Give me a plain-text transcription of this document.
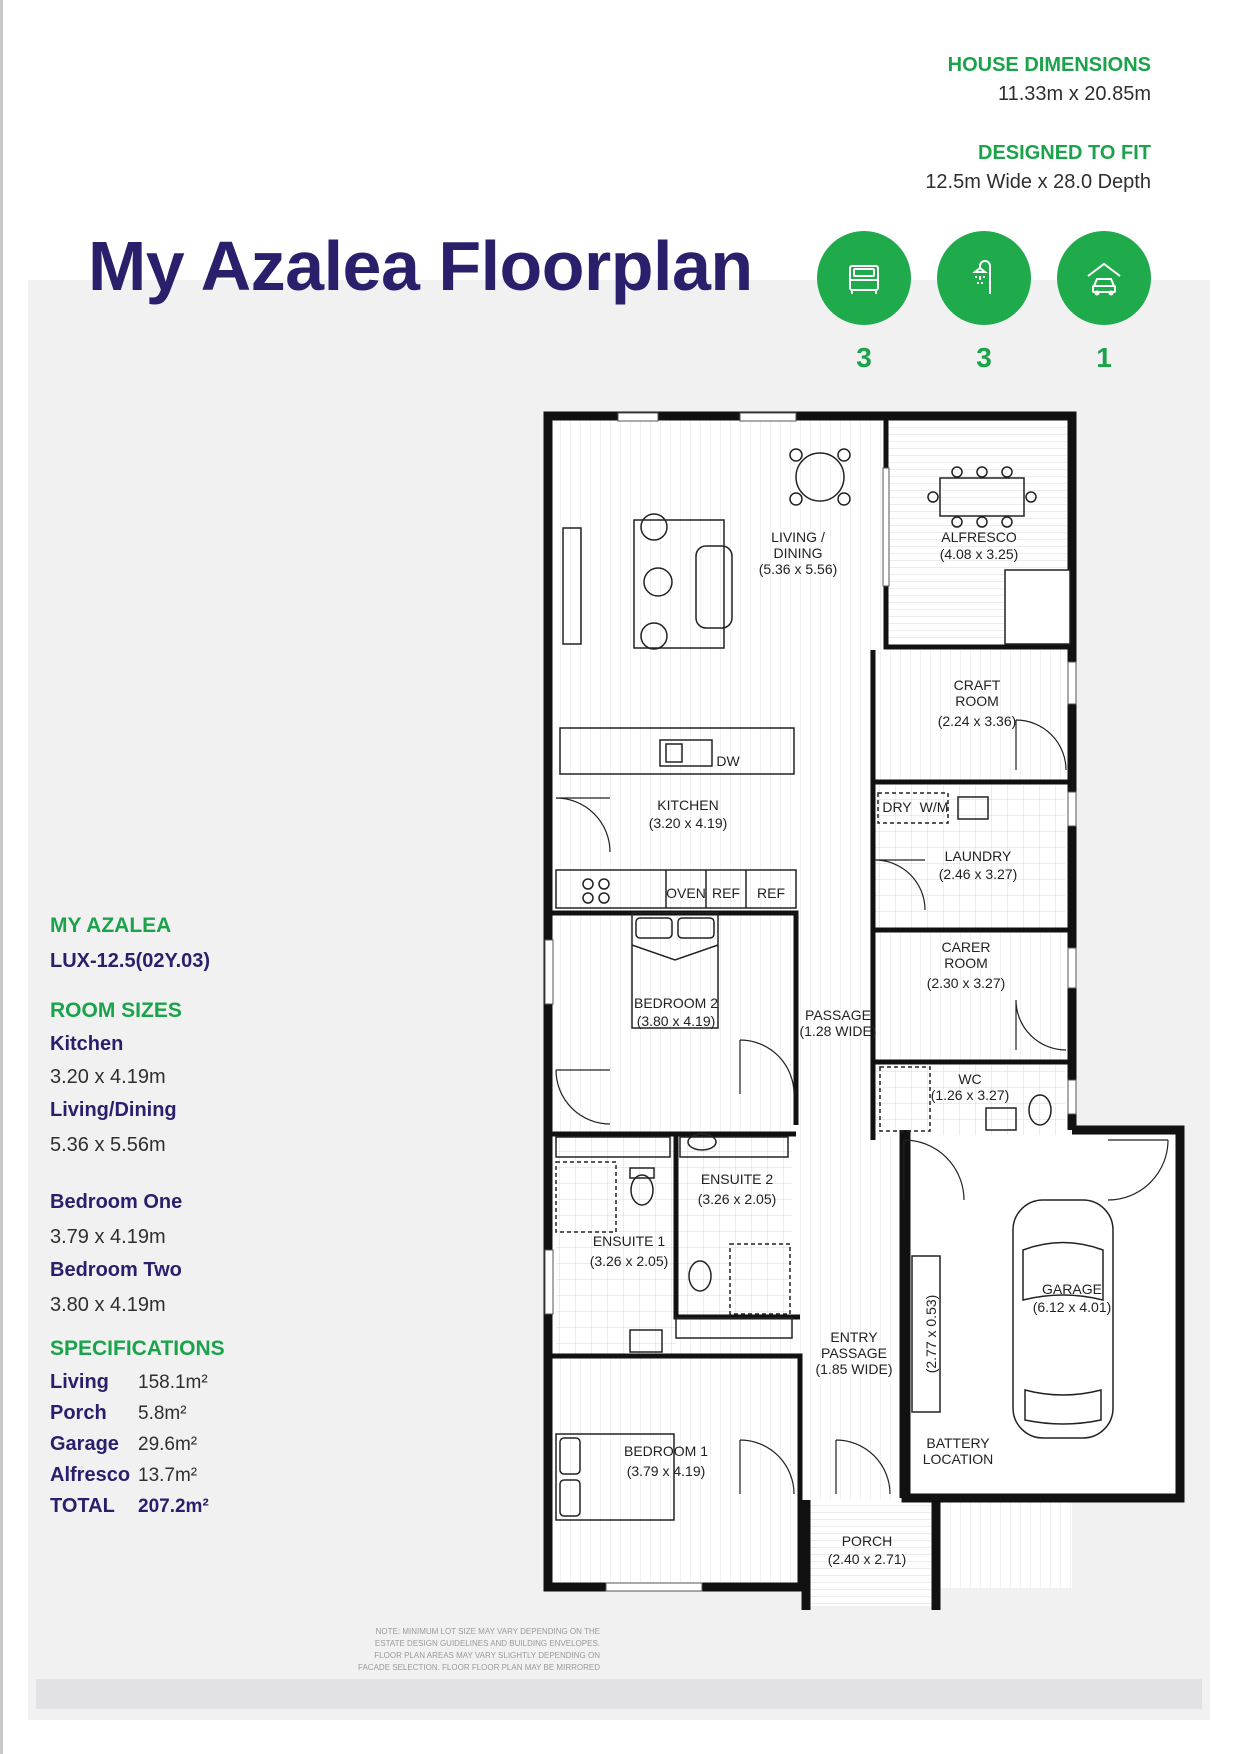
HOUSE DIMENSIONS
11.33m x 20.85m
DESIGNED TO FIT
12.5m Wide x 28.0 Depth
My Azalea Floorplan
3	3	1
MY AZALEA
LUX-12.5(02Y.03)
ROOM SIZES
Kitchen
3.20 x 4.19m
Living/Dining
5.36 x 5.56m
Bedroom One
3.79 x 4.19m
Bedroom Two
3.80 x 4.19m
SPECIFICATIONS
Living	158.1m²
Porch	5.8m²
Garage	29.6m²
Alfresco 13.7m²
TOTAL	207.2m²
LIVING / DINING (5.36 x 5.56)
ALFRESCO (4.08 x 3.25)
CRAFT ROOM (2.24 x 3.36)
DW
KITCHEN (3.20 x 4.19)
DRY W/M
LAUNDRY (2.46 x 3.27)
OVEN REF REF
CARER ROOM (2.30 x 3.27)
BEDROOM 2 (3.80 x 4.19)	PASSAGE (1.28 WIDE)
WC (1.26 x 3.27)
ENSUITE 2 (3.26 x 2.05)
ENSUITE 1 (3.26 x 2.05)
GARAGE (6.12 x 4.01)
ENTRY PASSAGE (1.85 WIDE) (2.77 x 0.53)
BEDROOM 1 (3.79 x 4.19)
BATTERY LOCATION
PORCH (2.40 x 2.71)
NOTE: MINIMUM LOT SIZE MAY VARY DEPENDING ON THE
ESTATE DESIGN GUIDELINES AND BUILDING ENVELOPES.
FLOOR PLAN AREAS MAY VARY SLIGHTLY DEPENDING ON
FACADE SELECTION. FLOOR FLOOR PLAN MAY BE MIRRORED
